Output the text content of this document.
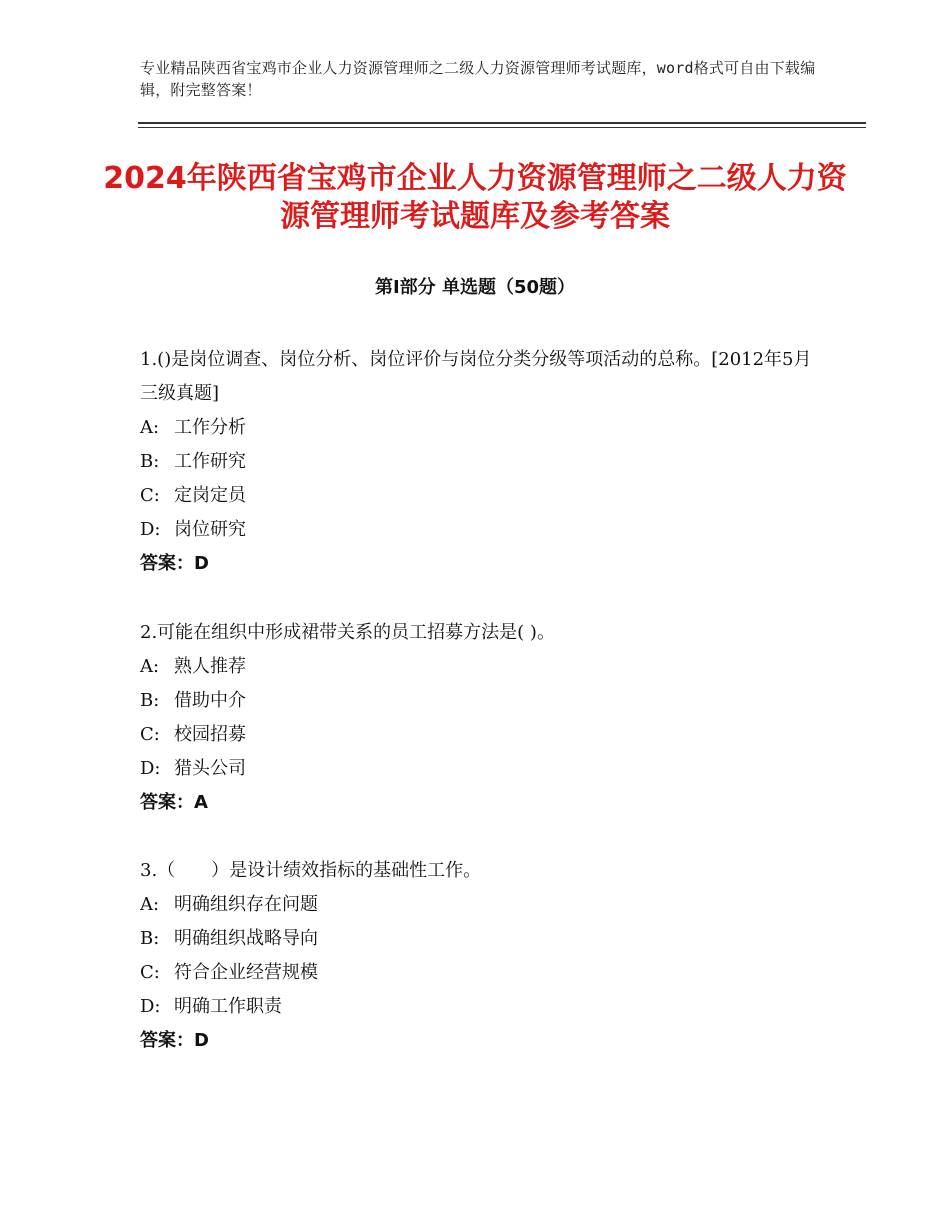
专业精品陕西省宝鸡市企业人力资源管理师之二级人力资源管理师考试题库，word格式可自由下载编辑，附完整答案！
2024年陕西省宝鸡市企业人力资源管理师之二级人力资源管理师考试题库及参考答案
第Ⅰ部分 单选题（50题）

1.()是岗位调查、岗位分析、岗位评价与岗位分类分级等项活动的总称。[2012年5月三级真题]

A: 工作分析

B: 工作研究

C: 定岗定员

D: 岗位研究

答案：D

2.可能在组织中形成裙带关系的员工招募方法是( )。

A: 熟人推荐

B: 借助中介

C: 校园招募

D: 猎头公司

答案：A

3.（　　）是设计绩效指标的基础性工作。

A: 明确组织存在问题

B: 明确组织战略导向

C: 符合企业经营规模

D: 明确工作职责

答案：D
